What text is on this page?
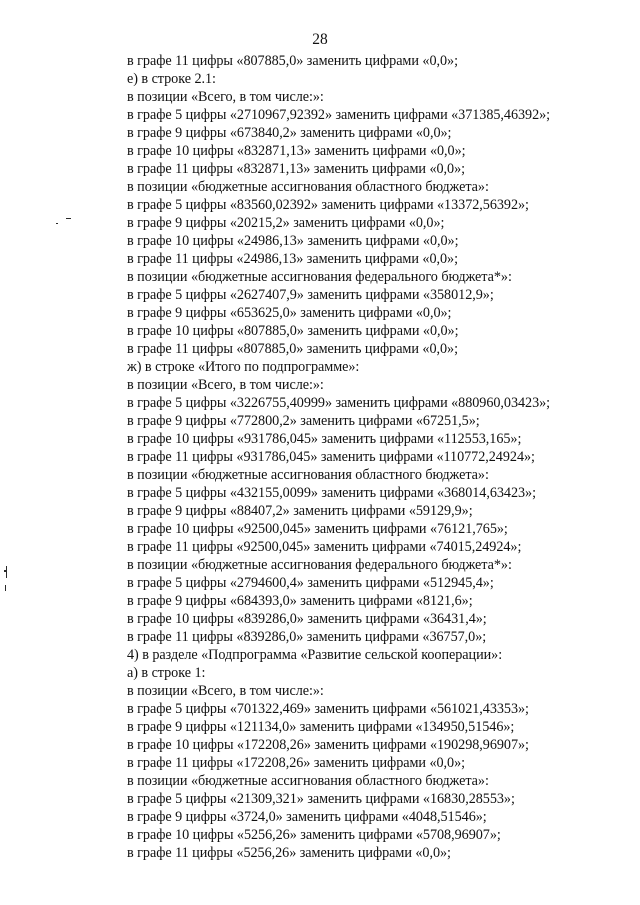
28
в графе 11 цифры «807885,0» заменить цифрами «0,0»;
е) в строке 2.1:
в позиции «Всего, в том числе:»:
в графе 5 цифры «2710967,92392» заменить цифрами «371385,46392»;
в графе 9 цифры «673840,2» заменить цифрами «0,0»;
в графе 10 цифры «832871,13» заменить цифрами «0,0»;
в графе 11 цифры «832871,13» заменить цифрами «0,0»;
в позиции «бюджетные ассигнования областного бюджета»:
в графе 5 цифры «83560,02392» заменить цифрами «13372,56392»;
в графе 9 цифры «20215,2» заменить цифрами «0,0»;
в графе 10 цифры «24986,13» заменить цифрами «0,0»;
в графе 11 цифры «24986,13» заменить цифрами «0,0»;
в позиции «бюджетные ассигнования федерального бюджета*»:
в графе 5 цифры «2627407,9» заменить цифрами «358012,9»;
в графе 9 цифры «653625,0» заменить цифрами «0,0»;
в графе 10 цифры «807885,0» заменить цифрами «0,0»;
в графе 11 цифры «807885,0» заменить цифрами «0,0»;
ж) в строке «Итого по подпрограмме»:
в позиции «Всего, в том числе:»:
в графе 5 цифры «3226755,40999» заменить цифрами «880960,03423»;
в графе 9 цифры «772800,2» заменить цифрами «67251,5»;
в графе 10 цифры «931786,045» заменить цифрами «112553,165»;
в графе 11 цифры «931786,045» заменить цифрами «110772,24924»;
в позиции «бюджетные ассигнования областного бюджета»:
в графе 5 цифры «432155,0099» заменить цифрами «368014,63423»;
в графе 9 цифры «88407,2» заменить цифрами «59129,9»;
в графе 10 цифры «92500,045» заменить цифрами «76121,765»;
в графе 11 цифры «92500,045» заменить цифрами «74015,24924»;
в позиции «бюджетные ассигнования федерального бюджета*»:
в графе 5 цифры «2794600,4» заменить цифрами «512945,4»;
в графе 9 цифры «684393,0» заменить цифрами «8121,6»;
в графе 10 цифры «839286,0» заменить цифрами «36431,4»;
в графе 11 цифры «839286,0» заменить цифрами «36757,0»;
4) в разделе «Подпрограмма «Развитие сельской кооперации»:
а) в строке 1:
в позиции «Всего, в том числе:»:
в графе 5 цифры «701322,469» заменить цифрами «561021,43353»;
в графе 9 цифры «121134,0» заменить цифрами «134950,51546»;
в графе 10 цифры «172208,26» заменить цифрами «190298,96907»;
в графе 11 цифры «172208,26» заменить цифрами «0,0»;
в позиции «бюджетные ассигнования областного бюджета»:
в графе 5 цифры «21309,321» заменить цифрами «16830,28553»;
в графе 9 цифры «3724,0» заменить цифрами «4048,51546»;
в графе 10 цифры «5256,26» заменить цифрами «5708,96907»;
в графе 11 цифры «5256,26» заменить цифрами «0,0»;
